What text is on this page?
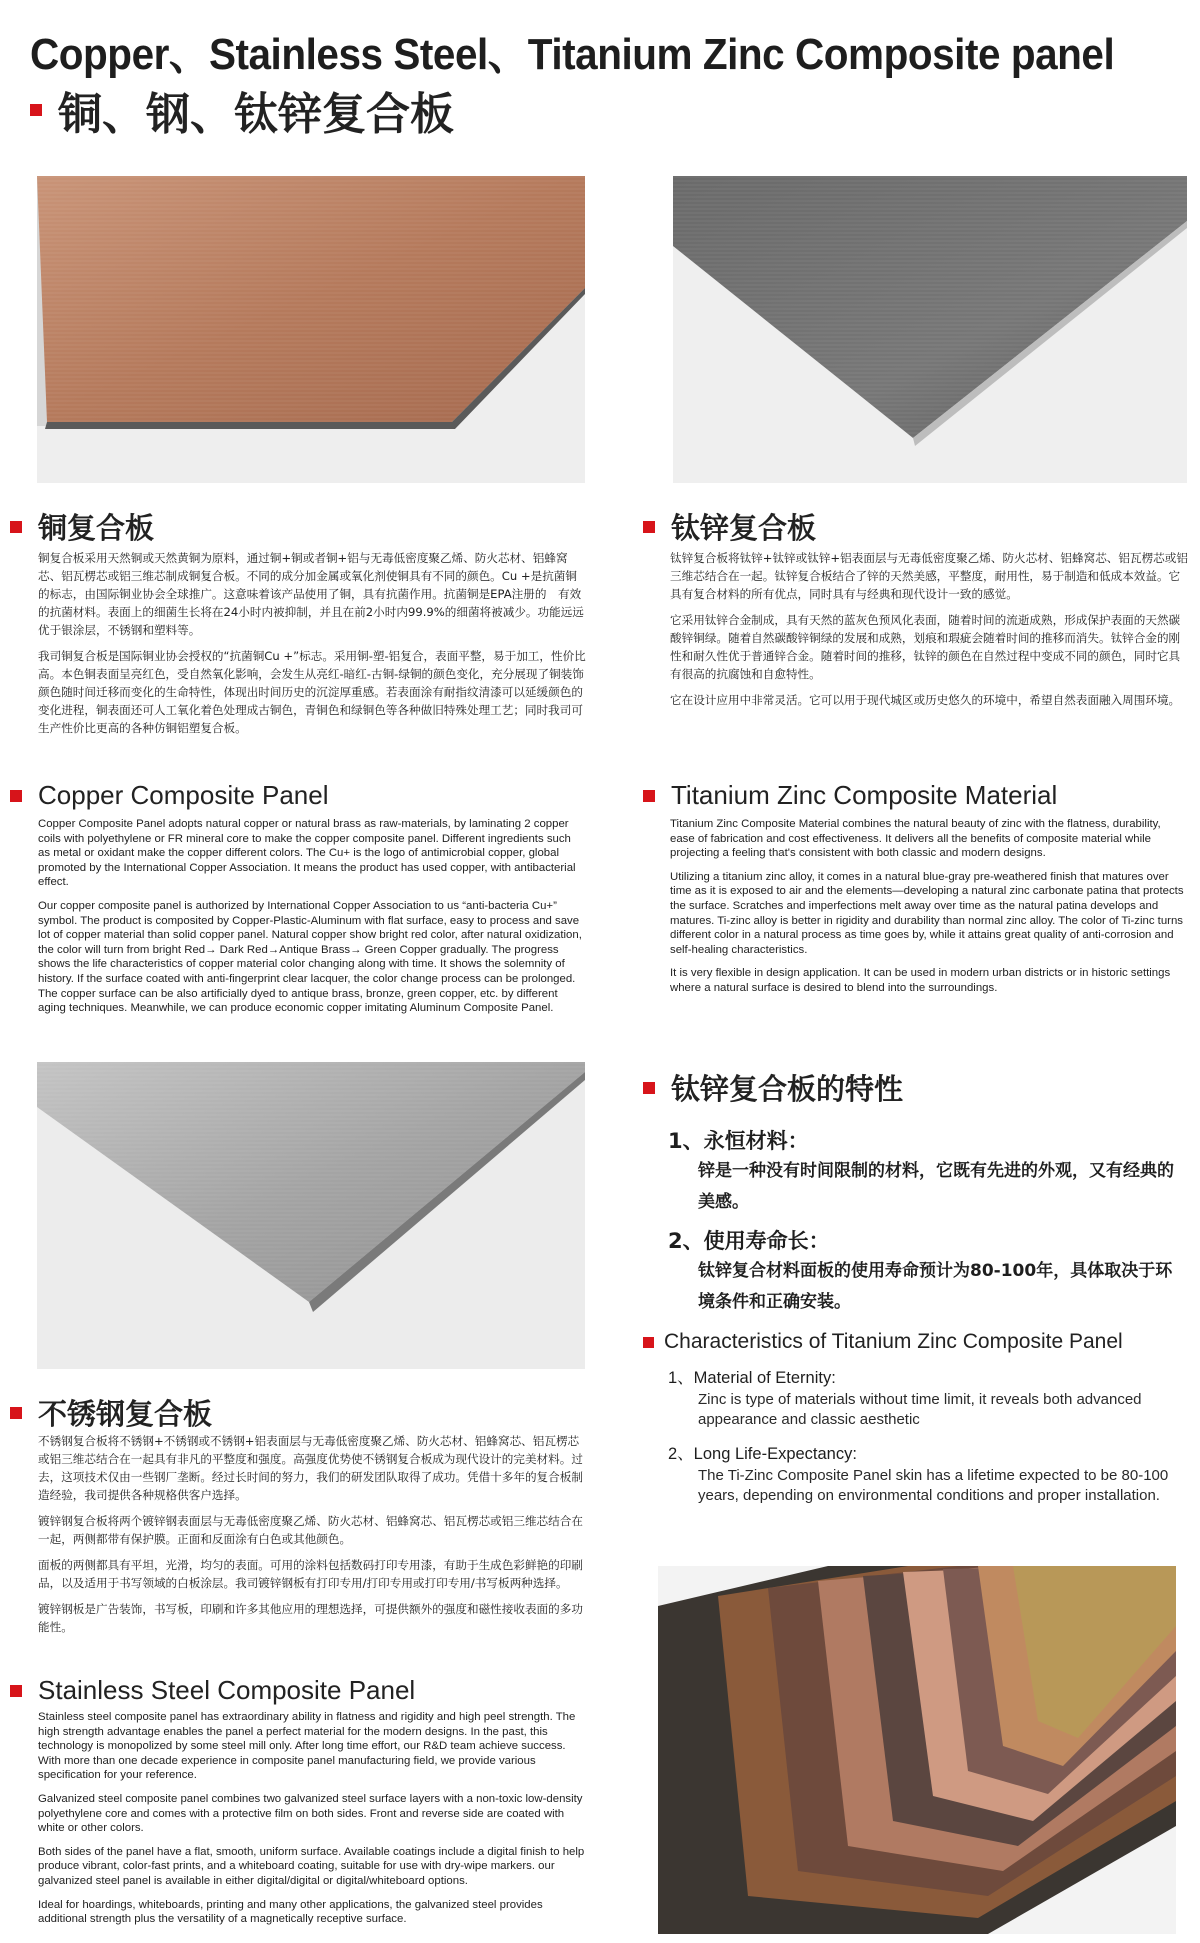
Copper、Stainless Steel、Titanium Zinc Composite panel
铜、钢、钛锌复合板
铜复合板

铜复合板采用天然铜或天然黄铜为原料，通过铜+铜或者铜+铝与无毒低密度聚乙烯、防火芯材、铝蜂窝芯、铝瓦楞芯或铝三维芯制成铜复合板。不同的成分加金属或氧化剂使铜具有不同的颜色。Cu +是抗菌铜的标志，由国际铜业协会全球推广。这意味着该产品使用了铜，具有抗菌作用。抗菌铜是EPA注册的　有效的抗菌材料。表面上的细菌生长将在24小时内被抑制，并且在前2小时内99.9%的细菌将被减少。功能远远优于银涂层，不锈钢和塑料等。

我司铜复合板是国际铜业协会授权的“抗菌铜Cu +”标志。采用铜-塑-铝复合，表面平整，易于加工，性价比高。本色铜表面呈亮红色，受自然氧化影响，会发生从亮红-暗红-古铜-绿铜的颜色变化，充分展现了铜装饰颜色随时间迁移而变化的生命特性，体现出时间历史的沉淀厚重感。若表面涂有耐指纹清漆可以延缓颜色的变化进程，铜表面还可人工氧化着色处理成古铜色，青铜色和绿铜色等各种做旧特殊处理工艺；同时我司可生产性价比更高的各种仿铜铝塑复合板。

Copper Composite Panel

Copper Composite Panel adopts natural copper or natural brass as raw-materials, by laminating 2 copper coils with polyethylene or FR mineral core to make the copper composite panel. Different ingredients such as metal or oxidant make the copper different colors. The Cu+ is the logo of antimicrobial copper, global promoted by the International Copper Association. It means the product has used copper, with antibacterial effect.

Our copper composite panel is authorized by International Copper Association to us “anti-bacteria Cu+” symbol. The product is composited by Copper-Plastic-Aluminum with flat surface, easy to process and save lot of copper material than solid copper panel. Natural copper show bright red color, after natural oxidization, the color will turn from bright Red→ Dark Red→Antique Brass→ Green Copper gradually. The progress shows the life characteristics of copper material color changing along with time. It shows the solemnity of history. If the surface coated with anti-fingerprint clear lacquer, the color change process can be prolonged. The copper surface can be also artificially dyed to antique brass, bronze, green copper, etc. by different aging techniques. Meanwhile, we can produce economic copper imitating Aluminum Composite Panel.

钛锌复合板

钛锌复合板将钛锌+钛锌或钛锌+铝表面层与无毒低密度聚乙烯、防火芯材、铝蜂窝芯、铝瓦楞芯或铝三维芯结合在一起。钛锌复合板结合了锌的天然美感，平整度，耐用性，易于制造和低成本效益。它具有复合材料的所有优点，同时具有与经典和现代设计一致的感觉。

它采用钛锌合金制成，具有天然的蓝灰色预风化表面，随着时间的流逝成熟，形成保护表面的天然碳酸锌铜绿。随着自然碳酸锌铜绿的发展和成熟，划痕和瑕疵会随着时间的推移而消失。钛锌合金的刚性和耐久性优于普通锌合金。随着时间的推移，钛锌的颜色在自然过程中变成不同的颜色，同时它具有很高的抗腐蚀和自愈特性。

它在设计应用中非常灵活。它可以用于现代城区或历史悠久的环境中，希望自然表面融入周围环境。

Titanium Zinc Composite Material

Titanium Zinc Composite Material combines the natural beauty of zinc with the flatness, durability, ease of fabrication and cost effectiveness. It delivers all the benefits of composite material while projecting a feeling that's consistent with both classic and modern designs.

Utilizing a titanium zinc alloy, it comes in a natural blue-gray pre-weathered finish that matures over time as it is exposed to air and the elements—developing a natural zinc carbonate patina that protects the surface. Scratches and imperfections melt away over time as the natural patina develops and matures. Ti-zinc alloy is better in rigidity and durability than normal zinc alloy. The color of Ti-zinc turns different color in a natural process as time goes by, while it attains great quality of anti-corrosion and self-healing characteristics.

It is very flexible in design application. It can be used in modern urban districts or in historic settings where a natural surface is desired to blend into the surroundings.

钛锌复合板的特性
1、永恒材料：
锌是一种没有时间限制的材料，它既有先进的外观，又有经典的美感。
2、使用寿命长：
钛锌复合材料面板的使用寿命预计为80-100年，具体取决于环境条件和正确安装。
Characteristics of Titanium Zinc Composite Panel
1、Material of Eternity:
Zinc is type of materials without time limit, it reveals both advanced appearance and classic aesthetic
2、Long Life-Expectancy:
The Ti-Zinc Composite Panel skin has a lifetime expected to be 80-100 years, depending on environmental conditions and proper installation.
不锈钢复合板

不锈钢复合板将不锈钢+不锈钢或不锈钢+铝表面层与无毒低密度聚乙烯、防火芯材、铝蜂窝芯、铝瓦楞芯或铝三维芯结合在一起具有非凡的平整度和强度。高强度优势使不锈钢复合板成为现代设计的完美材料。过去，这项技术仅由一些钢厂垄断。经过长时间的努力，我们的研发团队取得了成功。凭借十多年的复合板制造经验，我司提供各种规格供客户选择。

镀锌钢复合板将两个镀锌钢表面层与无毒低密度聚乙烯、防火芯材、铝蜂窝芯、铝瓦楞芯或铝三维芯结合在一起，两侧都带有保护膜。正面和反面涂有白色或其他颜色。

面板的两侧都具有平坦，光滑，均匀的表面。可用的涂料包括数码打印专用漆，有助于生成色彩鲜艳的印刷品，以及适用于书写领域的白板涂层。我司镀锌钢板有打印专用/打印专用或打印专用/书写板两种选择。

镀锌钢板是广告装饰，书写板，印刷和许多其他应用的理想选择，可提供额外的强度和磁性接收表面的多功能性。

Stainless Steel Composite Panel

Stainless steel composite panel has extraordinary ability in flatness and rigidity and high peel strength. The high strength advantage enables the panel a perfect material for the modern designs. In the past, this technology is monopolized by some steel mill only. After long time effort, our R&D team achieve success. With more than one decade experience in composite panel manufacturing field, we provide various specification for your reference.

Galvanized steel composite panel combines two galvanized steel surface layers with a non-toxic low-density polyethylene core and comes with a protective film on both sides. Front and reverse side are coated with white or other colors.

Both sides of the panel have a flat, smooth, uniform surface. Available coatings include a digital finish to help produce vibrant, color-fast prints, and a whiteboard coating, suitable for use with dry-wipe markers. our galvanized steel panel is available in either digital/digital or digital/whiteboard options.

Ideal for hoardings, whiteboards, printing and many other applications, the galvanized steel provides additional strength plus the versatility of a magnetically receptive surface.
